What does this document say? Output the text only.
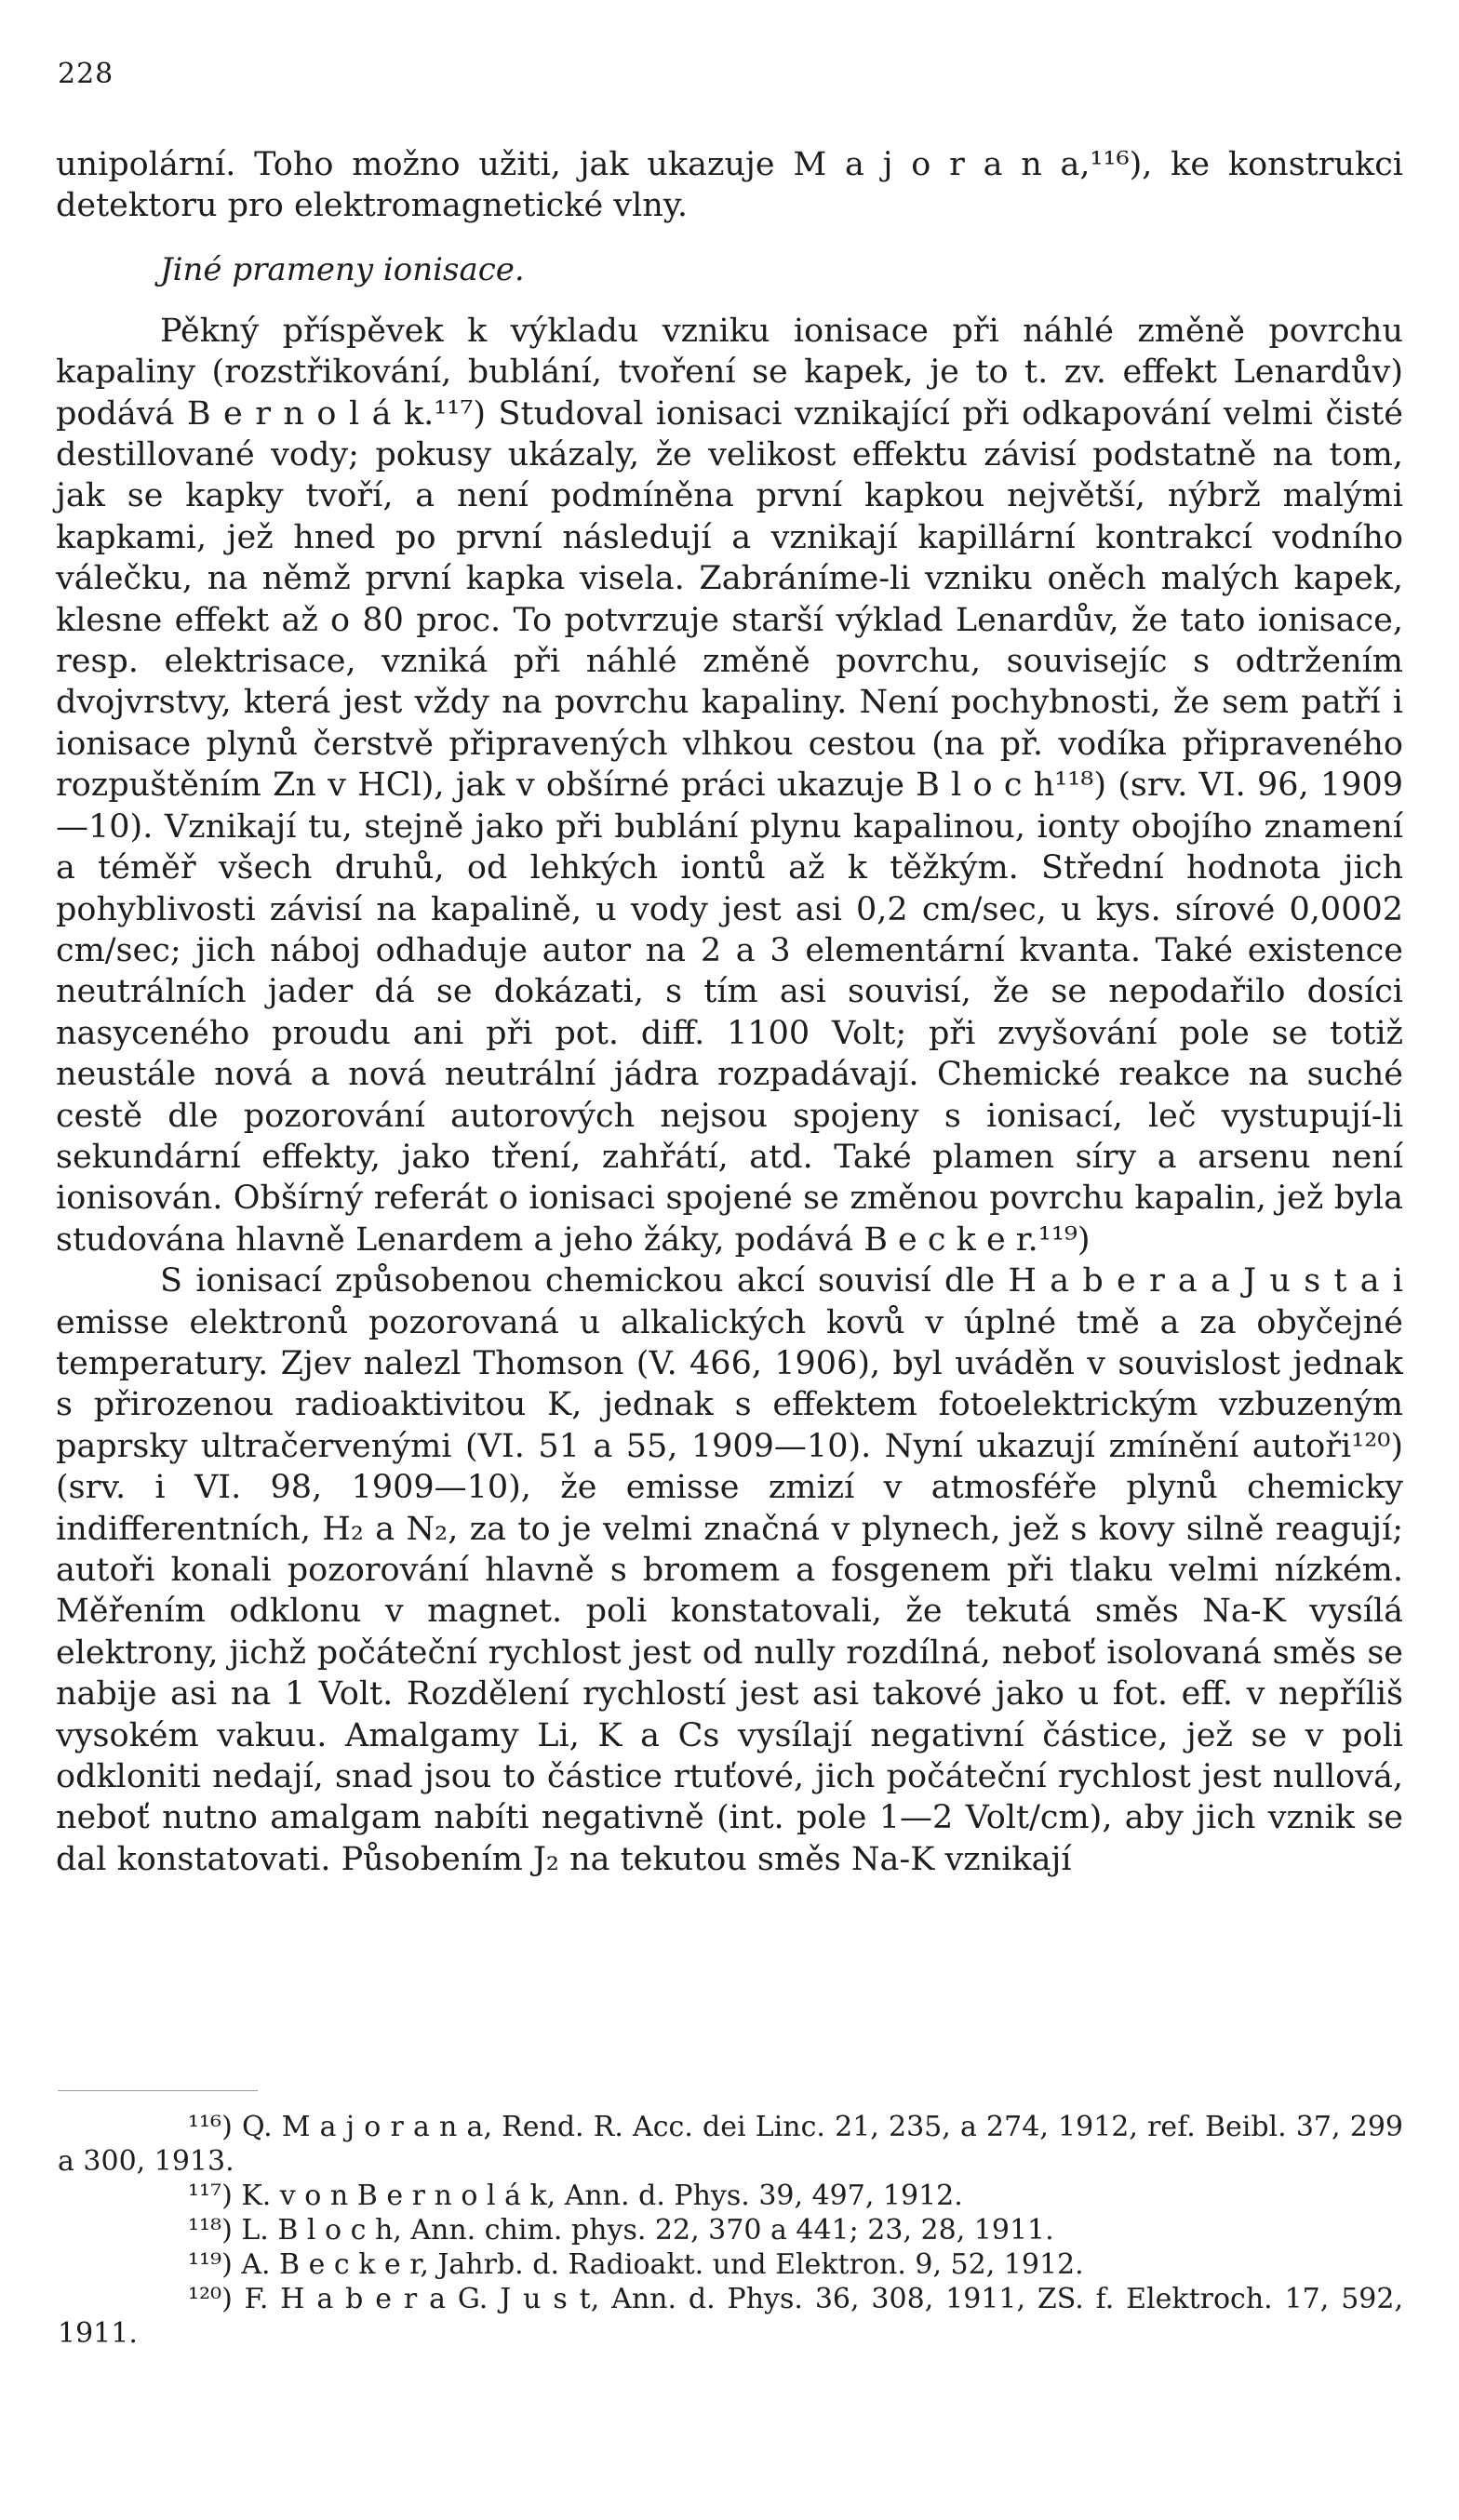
228

unipolární. Toho možno užiti, jak ukazuje M a j o r a n a,¹¹⁶), ke konstrukci detektoru pro elektromagnetické vlny.

Jiné prameny ionisace.

Pěkný příspěvek k výkladu vzniku ionisace při náhlé změně povrchu kapaliny (rozstřikování, bublání, tvoření se kapek, je to t. zv. effekt Lenardův) podává B e r n o l á k.¹¹⁷) Studoval ionisaci vznikající při odkapování velmi čisté destillované vody; pokusy ukázaly, že velikost effektu závisí podstatně na tom, jak se kapky tvoří, a není podmíněna první kapkou největší, nýbrž malými kapkami, jež hned po první následují a vznikají kapillární kontrakcí vodního válečku, na němž první kapka visela. Zabráníme-li vzniku oněch malých kapek, klesne effekt až o 80 proc. To potvrzuje starší výklad Lenardův, že tato ionisace, resp. elektrisace, vzniká při náhlé změně povrchu, souvisejíc s odtržením dvojvrstvy, která jest vždy na povrchu kapaliny. Není pochybnosti, že sem patří i ionisace plynů čerstvě připravených vlhkou cestou (na př. vodíka připraveného rozpuštěním Zn v HCl), jak v obšírné práci ukazuje B l o c h¹¹⁸) (srv. VI. 96, 1909—10). Vznikají tu, stejně jako při bublání plynu kapalinou, ionty obojího znamení a téměř všech druhů, od lehkých iontů až k těžkým. Střední hodnota jich pohyblivosti závisí na kapalině, u vody jest asi 0,2 cm/sec, u kys. sírové 0,0002 cm/sec; jich náboj odhaduje autor na 2 a 3 elementární kvanta. Také existence neutrálních jader dá se dokázati, s tím asi souvisí, že se nepodařilo dosíci nasyceného proudu ani při pot. diff. 1100 Volt; při zvyšování pole se totiž neustále nová a nová neutrální jádra rozpadávají. Chemické reakce na suché cestě dle pozorování autorových nejsou spojeny s ionisací, leč vystupují-li sekundární effekty, jako tření, zahřátí, atd. Také plamen síry a arsenu není ionisován. Obšírný referát o ionisaci spojené se změnou povrchu kapalin, jež byla studována hlavně Lenardem a jeho žáky, podává B e c k e r.¹¹⁹)

S ionisací způsobenou chemickou akcí souvisí dle H a b e r a a J u s t a i emisse elektronů pozorovaná u alkalických kovů v úplné tmě a za obyčejné temperatury. Zjev nalezl Thomson (V. 466, 1906), byl uváděn v souvislost jednak s přirozenou radioaktivitou K, jednak s effektem fotoelektrickým vzbuzeným paprsky ultračervenými (VI. 51 a 55, 1909—10). Nyní ukazují zmínění autoři¹²⁰) (srv. i VI. 98, 1909—10), že emisse zmizí v atmosféře plynů chemicky indifferentních, H₂ a N₂, za to je velmi značná v plynech, jež s kovy silně reagují; autoři konali pozorování hlavně s bromem a fosgenem při tlaku velmi nízkém. Měřením odklonu v magnet. poli konstatovali, že tekutá směs Na-K vysílá elektrony, jichž počáteční rychlost jest od nully rozdílná, neboť isolovaná směs se nabije asi na 1 Volt. Rozdělení rychlostí jest asi takové jako u fot. eff. v nepříliš vysokém vakuu. Amalgamy Li, K a Cs vysílají negativní částice, jež se v poli odkloniti nedají, snad jsou to částice rtuťové, jich počáteční rychlost jest nullová, neboť nutno amalgam nabíti negativně (int. pole 1—2 Volt/cm), aby jich vznik se dal konstatovati. Působením J₂ na tekutou směs Na-K vznikají

¹¹⁶) Q. M a j o r a n a, Rend. R. Acc. dei Linc. 21, 235, a 274, 1912, ref. Beibl. 37, 299 a 300, 1913.

¹¹⁷) K. v o n B e r n o l á k, Ann. d. Phys. 39, 497, 1912.

¹¹⁸) L. B l o c h, Ann. chim. phys. 22, 370 a 441; 23, 28, 1911.

¹¹⁹) A. B e c k e r, Jahrb. d. Radioakt. und Elektron. 9, 52, 1912.

¹²⁰) F. H a b e r a G. J u s t, Ann. d. Phys. 36, 308, 1911, ZS. f. Elektroch. 17, 592, 1911.
